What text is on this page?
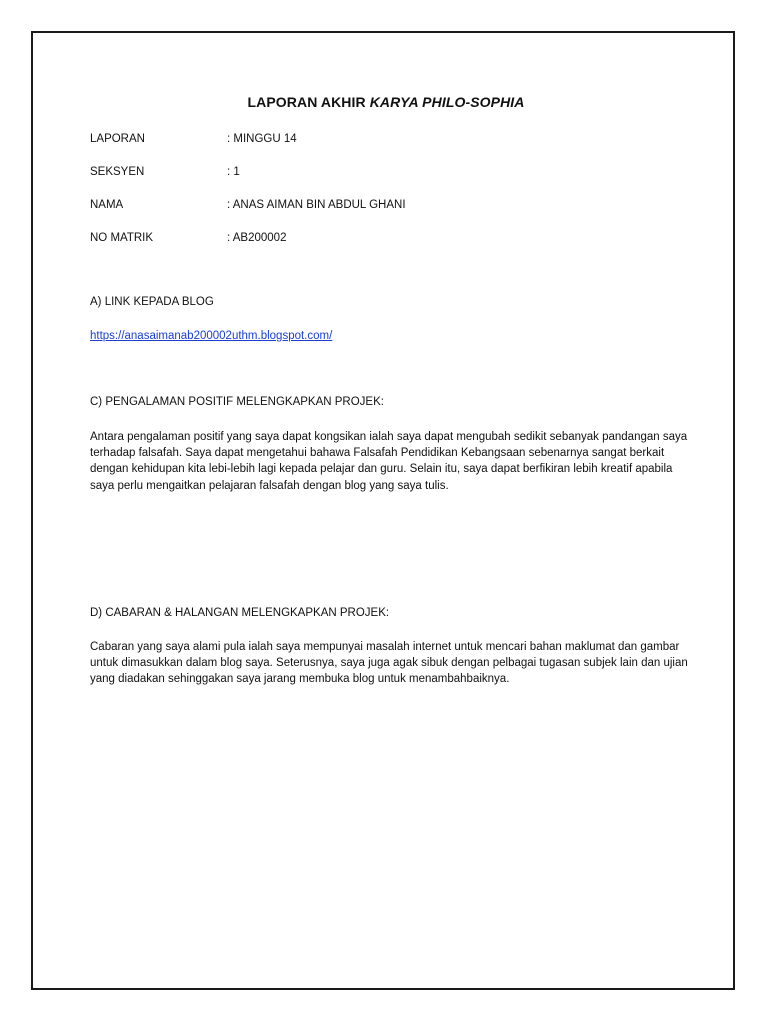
LAPORAN AKHIR KARYA PHILO-SOPHIA
LAPORAN	: MINGGU 14
SEKSYEN	: 1
NAMA	: ANAS AIMAN BIN ABDUL GHANI
NO MATRIK	: AB200002
A) LINK KEPADA BLOG
https://anasaimanab200002uthm.blogspot.com/
C) PENGALAMAN POSITIF MELENGKAPKAN PROJEK:

Antara pengalaman positif yang saya dapat kongsikan ialah saya dapat mengubah sedikit sebanyak pandangan saya terhadap falsafah. Saya dapat mengetahui bahawa Falsafah Pendidikan Kebangsaan sebenarnya sangat berkait dengan kehidupan kita lebi-lebih lagi kepada pelajar dan guru. Selain itu, saya dapat berfikiran lebih kreatif apabila saya perlu mengaitkan pelajaran falsafah dengan blog yang saya tulis.

D) CABARAN & HALANGAN MELENGKAPKAN PROJEK:

Cabaran yang saya alami pula ialah saya mempunyai masalah internet untuk mencari bahan maklumat dan gambar untuk dimasukkan dalam blog saya. Seterusnya, saya juga agak sibuk dengan pelbagai tugasan subjek lain dan ujian yang diadakan sehinggakan saya jarang membuka blog untuk menambahbaiknya.
